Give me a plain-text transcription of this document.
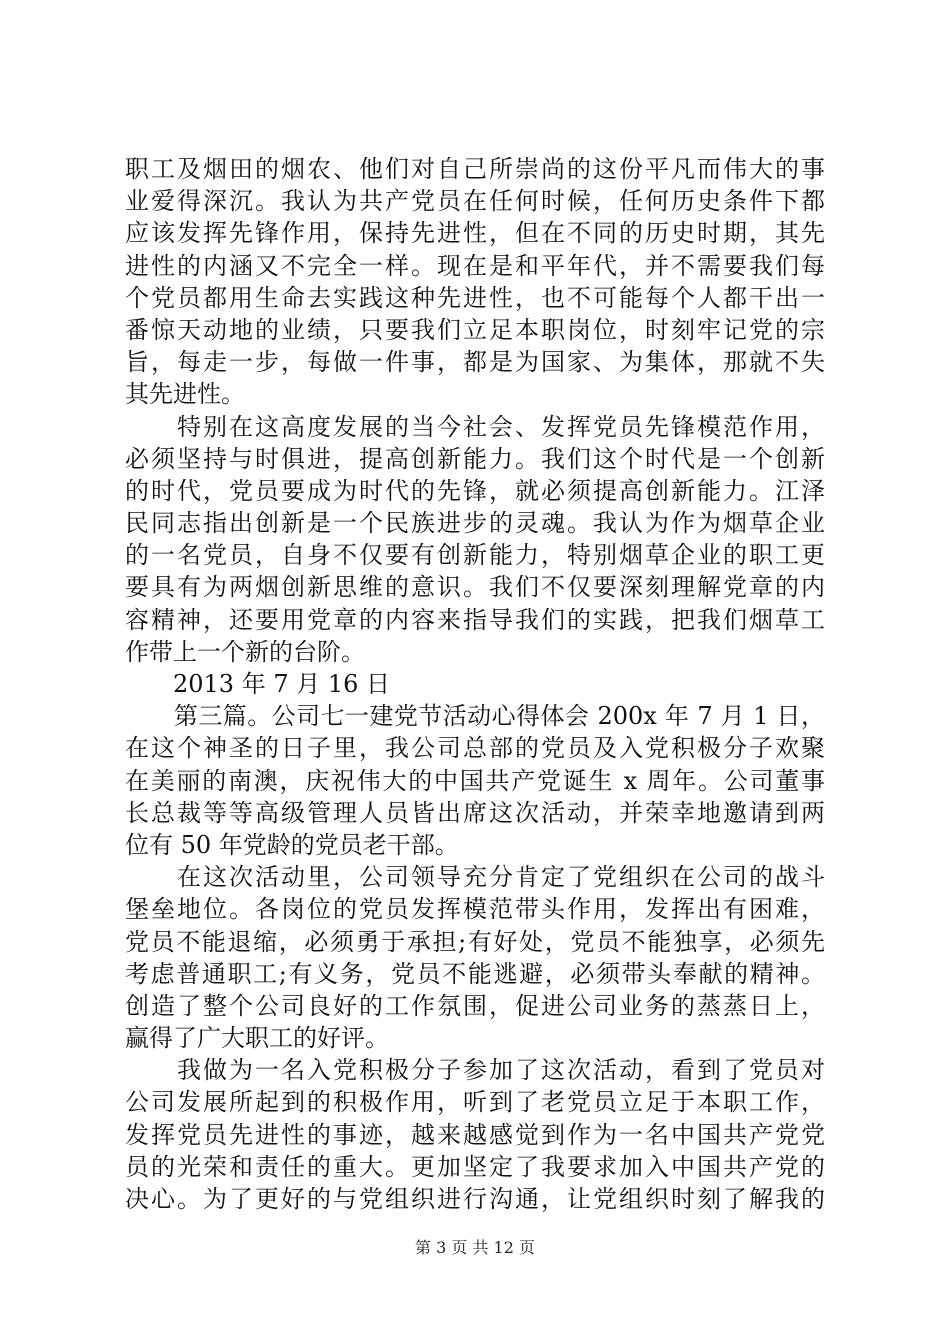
职工及烟田的烟农、他们对自己所崇尚的这份平凡而伟大的事
业爱得深沉。我认为共产党员在任何时候，任何历史条件下都
应该发挥先锋作用，保持先进性，但在不同的历史时期，其先
进性的内涵又不完全一样。现在是和平年代，并不需要我们每
个党员都用生命去实践这种先进性，也不可能每个人都干出一
番惊天动地的业绩，只要我们立足本职岗位，时刻牢记党的宗
旨，每走一步，每做一件事，都是为国家、为集体，那就不失
其先进性。
　　特别在这高度发展的当今社会、发挥党员先锋模范作用，
必须坚持与时俱进，提高创新能力。我们这个时代是一个创新
的时代，党员要成为时代的先锋，就必须提高创新能力。江泽
民同志指出创新是一个民族进步的灵魂。我认为作为烟草企业
的一名党员，自身不仅要有创新能力，特别烟草企业的职工更
要具有为两烟创新思维的意识。我们不仅要深刻理解党章的内
容精神，还要用党章的内容来指导我们的实践，把我们烟草工
作带上一个新的台阶。
　　2013 年 7 月 16 日
　　第三篇。公司七一建党节活动心得体会 200x 年 7 月 1 日，
在这个神圣的日子里，我公司总部的党员及入党积极分子欢聚
在美丽的南澳，庆祝伟大的中国共产党诞生 x 周年。公司董事
长总裁等等高级管理人员皆出席这次活动，并荣幸地邀请到两
位有 50 年党龄的党员老干部。
　　在这次活动里，公司领导充分肯定了党组织在公司的战斗
堡垒地位。各岗位的党员发挥模范带头作用，发挥出有困难，
党员不能退缩，必须勇于承担;有好处，党员不能独享，必须先
考虑普通职工;有义务，党员不能逃避，必须带头奉献的精神。
创造了整个公司良好的工作氛围，促进公司业务的蒸蒸日上，
赢得了广大职工的好评。
　　我做为一名入党积极分子参加了这次活动，看到了党员对
公司发展所起到的积极作用，听到了老党员立足于本职工作，
发挥党员先进性的事迹，越来越感觉到作为一名中国共产党党
员的光荣和责任的重大。更加坚定了我要求加入中国共产党的
决心。为了更好的与党组织进行沟通，让党组织时刻了解我的
第 3 页 共 12 页
